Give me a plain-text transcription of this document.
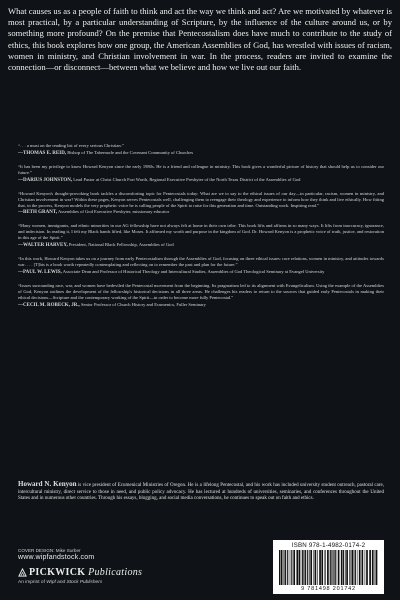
What causes us as a people of faith to think and act the way we think and act? Are we motivated by whatever is most practical, by a particular understanding of Scripture, by the influence of the culture around us, or by something more profound? On the premise that Pentecostalism does have much to contribute to the study of ethics, this book explores how one group, the American Assemblies of God, has wrestled with issues of racism, women in ministry, and Christian involvement in war. In the process, readers are invited to examine the connection—or disconnect—between what we believe and how we live out our faith.
“. . . a must on the reading list of every serious Christian.”
—THOMAS E. REID, Bishop of The Tabernacle and the Covenant Community of Churches
“It has been my privilege to know Howard Kenyon since the early 1980s. He is a friend and colleague in ministry. This book gives a wonderful picture of history that should help us to consider our future.”
—DARIUS JOHNSTON, Lead Pastor at Christ Church Fort Worth, Regional Executive Presbyter of the North Texas District of the Assemblies of God
“Howard Kenyon's thought-provoking book tackles a discomforting topic for Pentecostals today: What are we to say to the ethical issues of our day—in particular, racism, women in ministry, and Christian involvement in war? Within these pages, Kenyon serves Pentecostals well, challenging them to reengage their theology and experience to inform how they think and live ethically. How fitting that, in the process, Kenyon models the very prophetic voice he is calling people of the Spirit to raise for this generation and time. Outstanding work. Inspiring read.”
—BETH GRANT, Assemblies of God Executive Presbyter, missionary educator
“Many women, immigrants, and ethnic minorities in our AG fellowship have not always felt at home in their own tribe. This book lifts and affirms in so many ways. It lifts from inaccuracy, ignorance, and indecision. In reading it, I felt my Black hands lifted, like Moses. It affirmed my worth and purpose in the kingdom of God. Dr. Howard Kenyon is a prophetic voice of truth, justice, and restoration in this age of the Spirit.”
—WALTER HARVEY, President, National Black Fellowship, Assemblies of God
“In this work, Howard Kenyon takes us on a journey from early Pentecostalism through the Assemblies of God, focusing on three ethical issues: race relations, women in ministry, and attitudes towards war. . . . [T]his is a book worth repeatedly contemplating and reflecting on to remember the past and plan for the future.”
—PAUL W. LEWIS, Associate Dean and Professor of Historical Theology and Intercultural Studies, Assemblies of God Theological Seminary at Evangel University
“Issues surrounding race, war, and women have bedeviled the Pentecostal movement from the beginning. Its pragmatism led to its alignment with Evangelicalism. Using the example of the Assemblies of God, Kenyon outlines the development of the fellowship's historical decisions in all three areas. He challenges his readers to return to the sources that guided early Pentecostals in making their ethical decisions—Scripture and the contemporary working of the Spirit—in order to become more fully Pentecostal.”
—CECIL M. ROBECK, JR., Senior Professor of Church History and Ecumenics, Fuller Seminary
Howard N. Kenyon is vice president of Ecumenical Ministries of Oregon. He is a lifelong Pentecostal, and his work has included university student outreach, pastoral care, intercultural ministry, direct service to those in need, and public policy advocacy. He has lectured at hundreds of universities, seminaries, and conferences throughout the United States and in numerous other countries. Through his essays, blogging, and social media conversations, he continues to speak out on faith and ethics.
COVER DESIGN: Mike Surber
www.wipfandstock.com
PICKWICK Publications
An imprint of Wipf and Stock Publishers
ISBN 978-1-4982-0174-2
9 781498 201742
